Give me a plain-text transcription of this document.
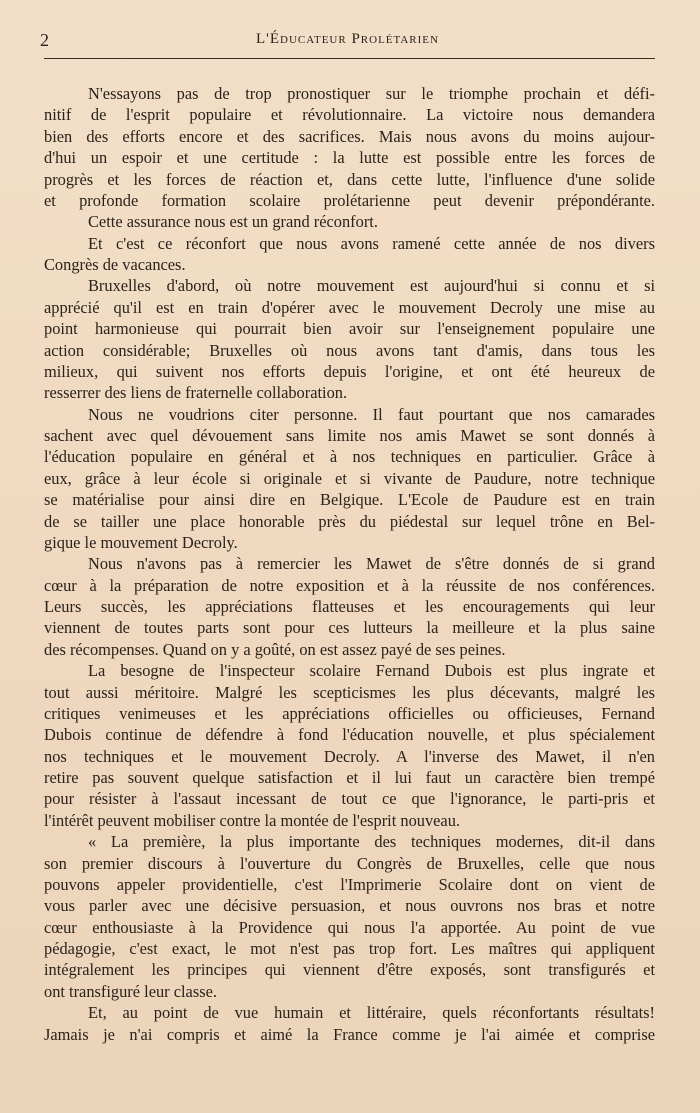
2	L'Éducateur Prolétarien
N'essayons pas de trop pronostiquer sur le triomphe prochain et défi-
nitif de l'esprit populaire et révolutionnaire. La victoire nous demandera
bien des efforts encore et des sacrifices. Mais nous avons du moins aujour-
d'hui un espoir et une certitude : la lutte est possible entre les forces de
progrès et les forces de réaction et, dans cette lutte, l'influence d'une solide
et profonde formation scolaire prolétarienne peut devenir prépondérante.
Cette assurance nous est un grand réconfort.
Et c'est ce réconfort que nous avons ramené cette année de nos divers
Congrès de vacances.
Bruxelles d'abord, où notre mouvement est aujourd'hui si connu et si
apprécié qu'il est en train d'opérer avec le mouvement Decroly une mise au
point harmonieuse qui pourrait bien avoir sur l'enseignement populaire une
action considérable; Bruxelles où nous avons tant d'amis, dans tous les
milieux, qui suivent nos efforts depuis l'origine, et ont été heureux de
resserrer des liens de fraternelle collaboration.
Nous ne voudrions citer personne. Il faut pourtant que nos camarades
sachent avec quel dévouement sans limite nos amis Mawet se sont donnés à
l'éducation populaire en général et à nos techniques en particulier. Grâce à
eux, grâce à leur école si originale et si vivante de Paudure, notre technique
se matérialise pour ainsi dire en Belgique. L'Ecole de Paudure est en train
de se tailler une place honorable près du piédestal sur lequel trône en Bel-
gique le mouvement Decroly.
Nous n'avons pas à remercier les Mawet de s'être donnés de si grand
cœur à la préparation de notre exposition et à la réussite de nos conférences.
Leurs succès, les appréciations flatteuses et les encouragements qui leur
viennent de toutes parts sont pour ces lutteurs la meilleure et la plus saine
des récompenses. Quand on y a goûté, on est assez payé de ses peines.
La besogne de l'inspecteur scolaire Fernand Dubois est plus ingrate et
tout aussi méritoire. Malgré les scepticismes les plus décevants, malgré les
critiques venimeuses et les appréciations officielles ou officieuses, Fernand
Dubois continue de défendre à fond l'éducation nouvelle, et plus spécialement
nos techniques et le mouvement Decroly. A l'inverse des Mawet, il n'en
retire pas souvent quelque satisfaction et il lui faut un caractère bien trempé
pour résister à l'assaut incessant de tout ce que l'ignorance, le parti-pris et
l'intérêt peuvent mobiliser contre la montée de l'esprit nouveau.
« La première, la plus importante des techniques modernes, dit-il dans
son premier discours à l'ouverture du Congrès de Bruxelles, celle que nous
pouvons appeler providentielle, c'est l'Imprimerie Scolaire dont on vient de
vous parler avec une décisive persuasion, et nous ouvrons nos bras et notre
cœur enthousiaste à la Providence qui nous l'a apportée. Au point de vue
pédagogie, c'est exact, le mot n'est pas trop fort. Les maîtres qui appliquent
intégralement les principes qui viennent d'être exposés, sont transfigurés et
ont transfiguré leur classe.
Et, au point de vue humain et littéraire, quels réconfortants résultats!
Jamais je n'ai compris et aimé la France comme je l'ai aimée et comprise
